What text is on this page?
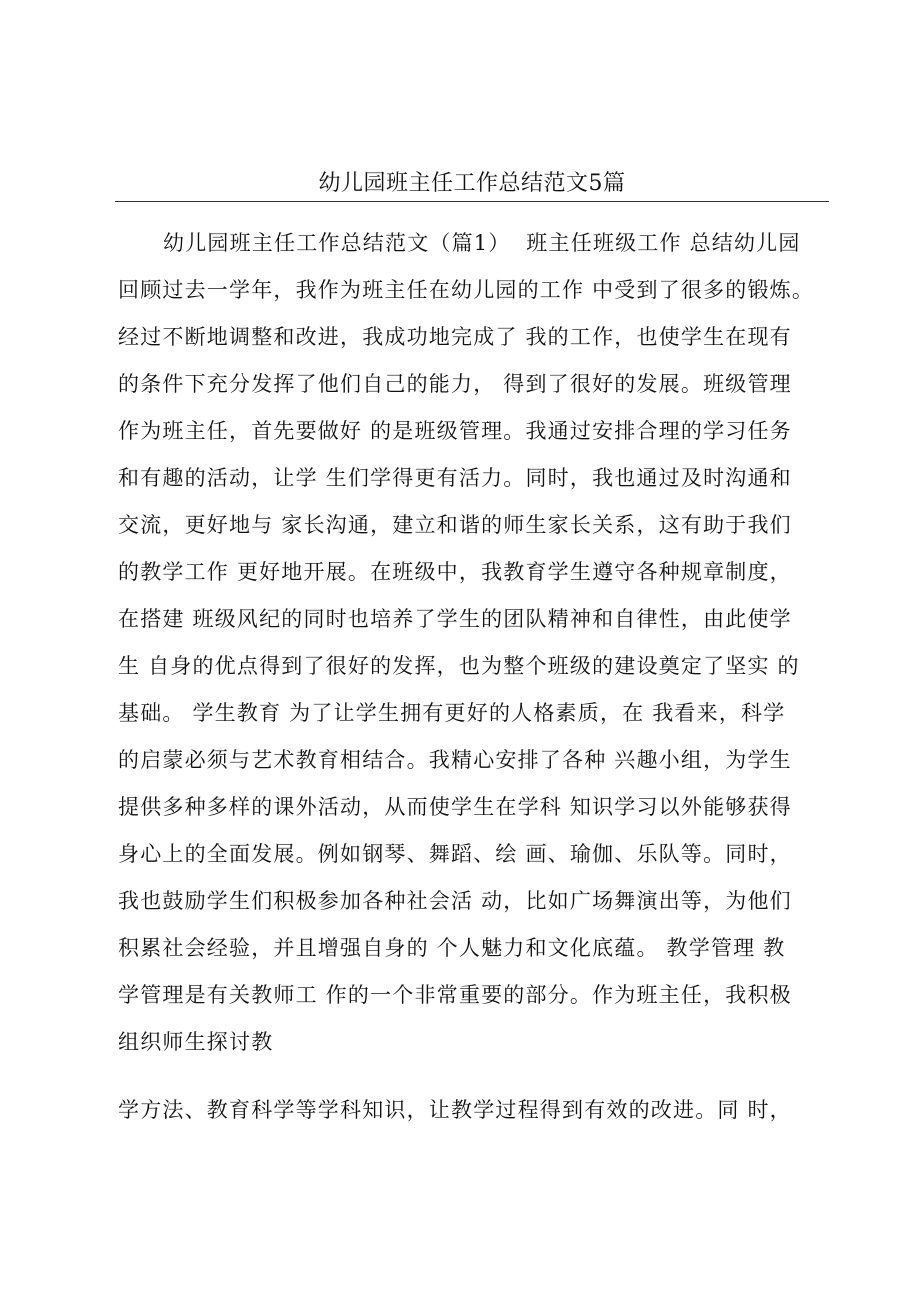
幼儿园班主任工作总结范文5篇
幼儿园班主任工作总结范文（篇1）  班主任班级工作 总结幼儿园
回顾过去一学年，我作为班主任在幼儿园的工作 中受到了很多的锻炼。
经过不断地调整和改进，我成功地完成了 我的工作，也使学生在现有
的条件下充分发挥了他们自己的能力， 得到了很好的发展。班级管理
作为班主任，首先要做好 的是班级管理。我通过安排合理的学习任务
和有趣的活动，让学 生们学得更有活力。同时，我也通过及时沟通和
交流，更好地与 家长沟通，建立和谐的师生家长关系，这有助于我们
的教学工作 更好地开展。在班级中，我教育学生遵守各种规章制度，
在搭建 班级风纪的同时也培养了学生的团队精神和自律性，由此使学
生 自身的优点得到了很好的发挥，也为整个班级的建设奠定了坚实 的
基础。 学生教育 为了让学生拥有更好的人格素质，在 我看来，科学
的启蒙必须与艺术教育相结合。我精心安排了各种 兴趣小组，为学生
提供多种多样的课外活动，从而使学生在学科 知识学习以外能够获得
身心上的全面发展。例如钢琴、舞蹈、绘 画、瑜伽、乐队等。同时，
我也鼓励学生们积极参加各种社会活 动，比如广场舞演出等，为他们
积累社会经验，并且增强自身的 个人魅力和文化底蕴。 教学管理 教
学管理是有关教师工 作的一个非常重要的部分。作为班主任，我积极
组织师生探讨教
学方法、教育科学等学科知识，让教学过程得到有效的改进。同 时，
